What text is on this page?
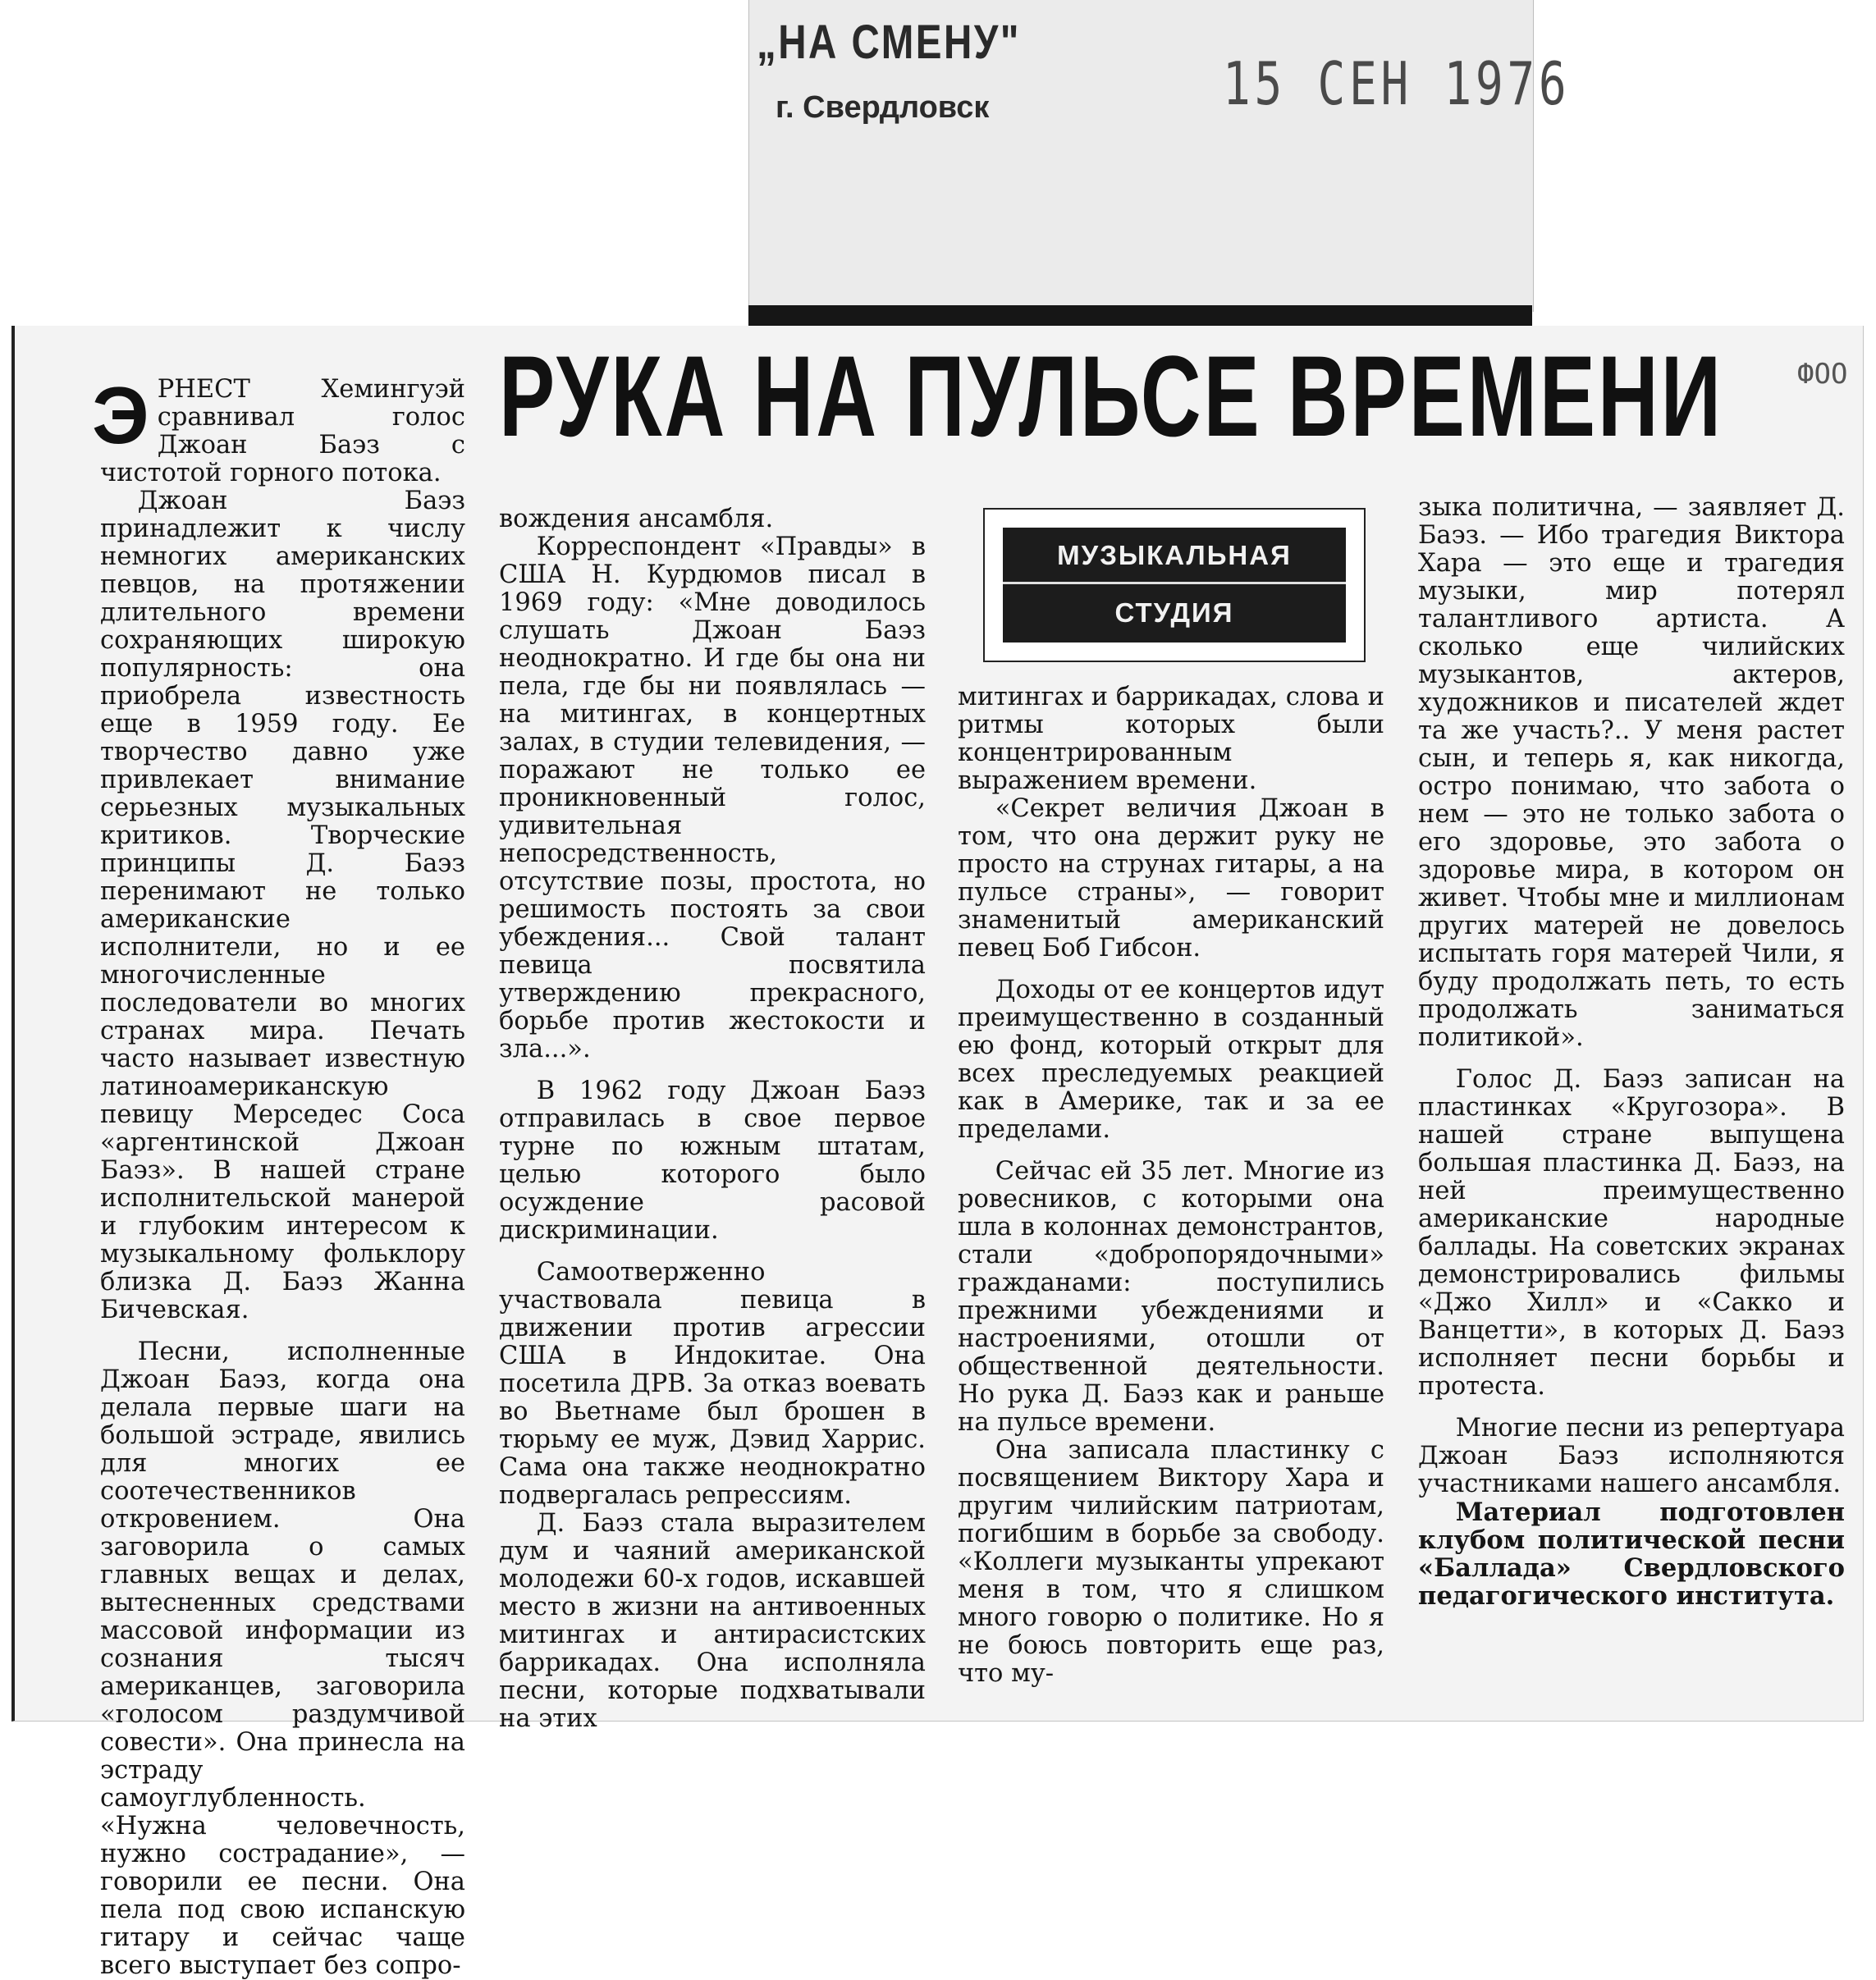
„НА СМЕНУ"
г. Свердловск	15 СЕН 1976
РУКА НА ПУЛЬСЕ ВРЕМЕНИ	ФОО
МУЗЫКАЛЬНАЯ
СТУДИЯ

ЭРНЕСТ Хемингуэй сравнивал голос Джоан Баэз с чистотой горного потока.

Джоан Баэз принадлежит к числу немногих американских певцов, на протяжении длительного времени сохраняющих широкую популярность: она приобрела известность еще в 1959 году. Ее творчество давно уже привлекает внимание серьезных музыкальных критиков. Творческие принципы Д. Баэз перенимают не только американские исполнители, но и ее многочисленные последователи во многих странах мира. Печать часто называет известную латиноамериканскую певицу Мерседес Соса «аргентинской Джоан Баэз». В нашей стране исполнительской манерой и глубоким интересом к музыкальному фольклору близка Д. Баэз Жанна Бичевская.

Песни, исполненные Джоан Баэз, когда она делала первые шаги на большой эстраде, явились для многих ее соотечественников откровением. Она заговорила о самых главных вещах и делах, вытесненных средствами массовой информации из сознания тысяч американцев, заговорила «голосом раздумчивой совести». Она принесла на эстраду самоуглубленность. «Нужна человечность, нужно сострадание», — говорили ее песни. Она пела под свою испанскую гитару и сейчас чаще всего выступает без сопро-

вождения ансамбля.

Корреспондент «Правды» в США Н. Курдюмов писал в 1969 году: «Мне доводилось слушать Джоан Баэз неоднократно. И где бы она ни пела, где бы ни появлялась — на митингах, в концертных залах, в студии телевидения, — поражают не только ее проникновенный голос, удивительная непосредственность, отсутствие позы, простота, но решимость постоять за свои убеждения... Свой талант певица посвятила утверждению прекрасного, борьбе против жестокости и зла...».

В 1962 году Джоан Баэз отправилась в свое первое турне по южным штатам, целью которого было осуждение расовой дискриминации.

Самоотверженно участвовала певица в движении против агрессии США в Индокитае. Она посетила ДРВ. За отказ воевать во Вьетнаме был брошен в тюрьму ее муж, Дэвид Харрис. Сама она также неоднократно подвергалась репрессиям.

Д. Баэз стала выразителем дум и чаяний американской молодежи 60-х годов, искавшей место в жизни на антивоенных митингах и антирасистских баррикадах. Она исполняла песни, которые подхватывали на этих

митингах и баррикадах, слова и ритмы которых были концентрированным выражением времени.

«Секрет величия Джоан в том, что она держит руку не просто на струнах гитары, а на пульсе страны», — говорит знаменитый американский певец Боб Гибсон.

Доходы от ее концертов идут преимущественно в созданный ею фонд, который открыт для всех преследуемых реакцией как в Америке, так и за ее пределами.

Сейчас ей 35 лет. Многие из ровесников, с которыми она шла в колоннах демонстрантов, стали «добропорядочными» гражданами: поступились прежними убеждениями и настроениями, отошли от общественной деятельности. Но рука Д. Баэз как и раньше на пульсе времени.

Она записала пластинку с посвящением Виктору Хара и другим чилийским патриотам, погибшим в борьбе за свободу. «Коллеги музыканты упрекают меня в том, что я слишком много говорю о политике. Но я не боюсь повторить еще раз, что му-

зыка политична, — заявляет Д. Баэз. — Ибо трагедия Виктора Хара — это еще и трагедия музыки, мир потерял талантливого артиста. А сколько еще чилийских музыкантов, актеров, художников и писателей ждет та же участь?.. У меня растет сын, и теперь я, как никогда, остро понимаю, что забота о нем — это не только забота о его здоровье, это забота о здоровье мира, в котором он живет. Чтобы мне и миллионам других матерей не довелось испытать горя матерей Чили, я буду продолжать петь, то есть продолжать заниматься политикой».

Голос Д. Баэз записан на пластинках «Кругозора». В нашей стране выпущена большая пластинка Д. Баэз, на ней преимущественно американские народные баллады. На советских экранах демонстрировались фильмы «Джо Хилл» и «Сакко и Ванцетти», в которых Д. Баэз исполняет песни борьбы и протеста.

Многие песни из репертуара Джоан Баэз исполняются участниками нашего ансамбля.

Материал подготовлен клубом политической песни «Баллада» Свердловского педагогического института.
